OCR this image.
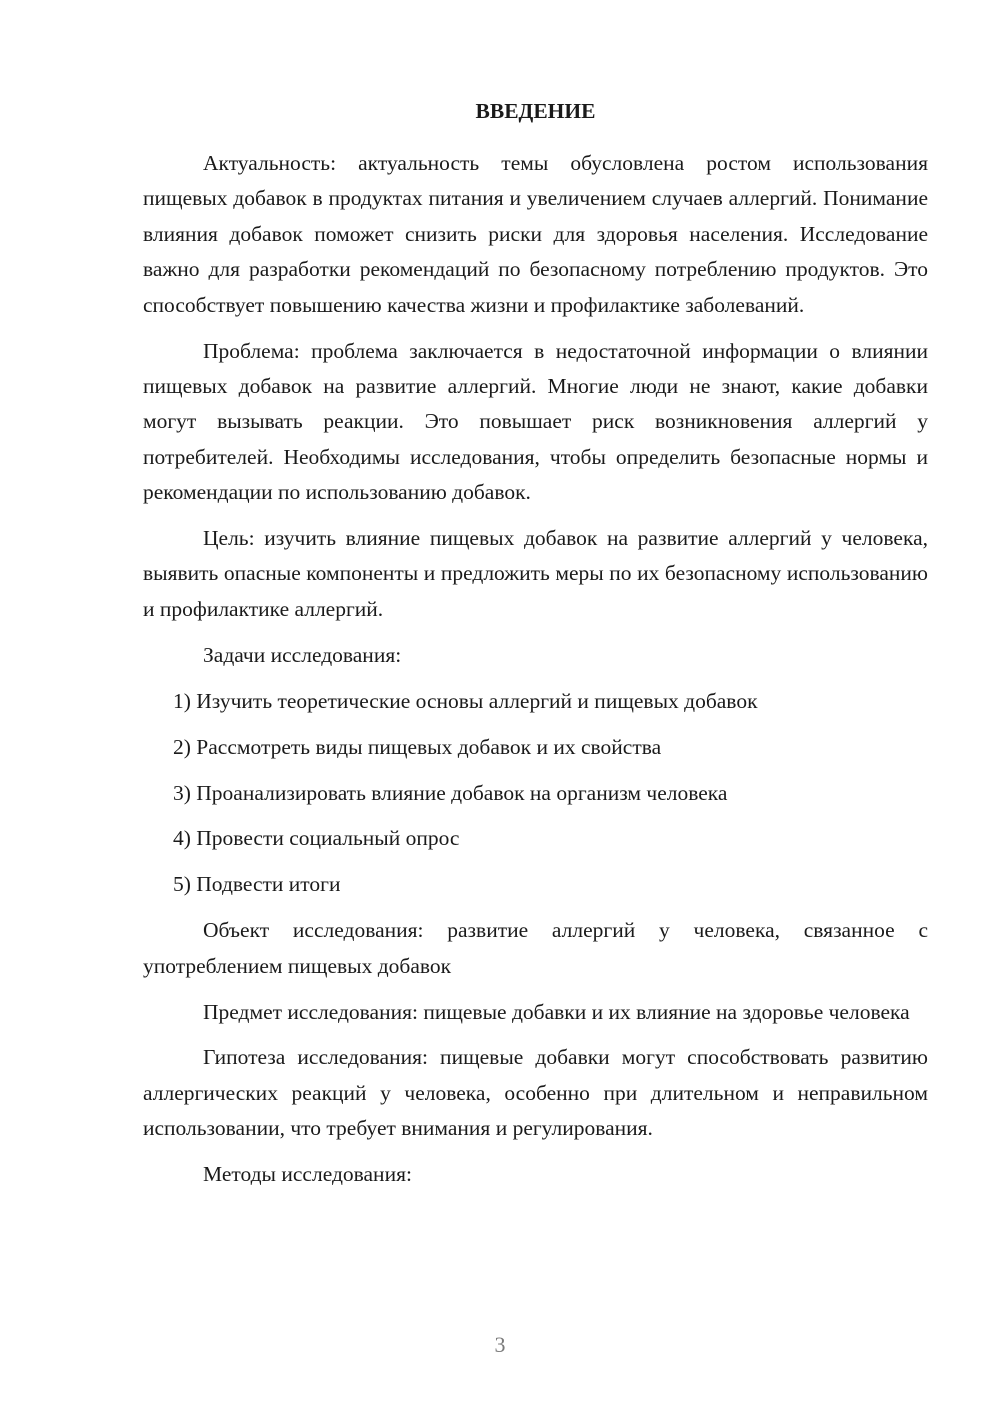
ВВЕДЕНИЕ

Актуальность: актуальность темы обусловлена ростом использования пищевых добавок в продуктах питания и увеличением случаев аллергий. Понимание влияния добавок поможет снизить риски для здоровья населения. Исследование важно для разработки рекомендаций по безопасному потреблению продуктов. Это способствует повышению качества жизни и профилактике заболеваний.

Проблема: проблема заключается в недостаточной информации о влиянии пищевых добавок на развитие аллергий. Многие люди не знают, какие добавки могут вызывать реакции. Это повышает риск возникновения аллергий у потребителей. Необходимы исследования, чтобы определить безопасные нормы и рекомендации по использованию добавок.

Цель: изучить влияние пищевых добавок на развитие аллергий у человека, выявить опасные компоненты и предложить меры по их безопасному использованию и профилактике аллергий.

Задачи исследования:

1) Изучить теоретические основы аллергий и пищевых добавок
2) Рассмотреть виды пищевых добавок и их свойства
3) Проанализировать влияние добавок на организм человека
4) Провести социальный опрос
5) Подвести итоги

Объект исследования: развитие аллергий у человека, связанное с употреблением пищевых добавок

Предмет исследования: пищевые добавки и их влияние на здоровье человека

Гипотеза исследования: пищевые добавки могут способствовать развитию аллергических реакций у человека, особенно при длительном и неправильном использовании, что требует внимания и регулирования.

Методы исследования:

3
